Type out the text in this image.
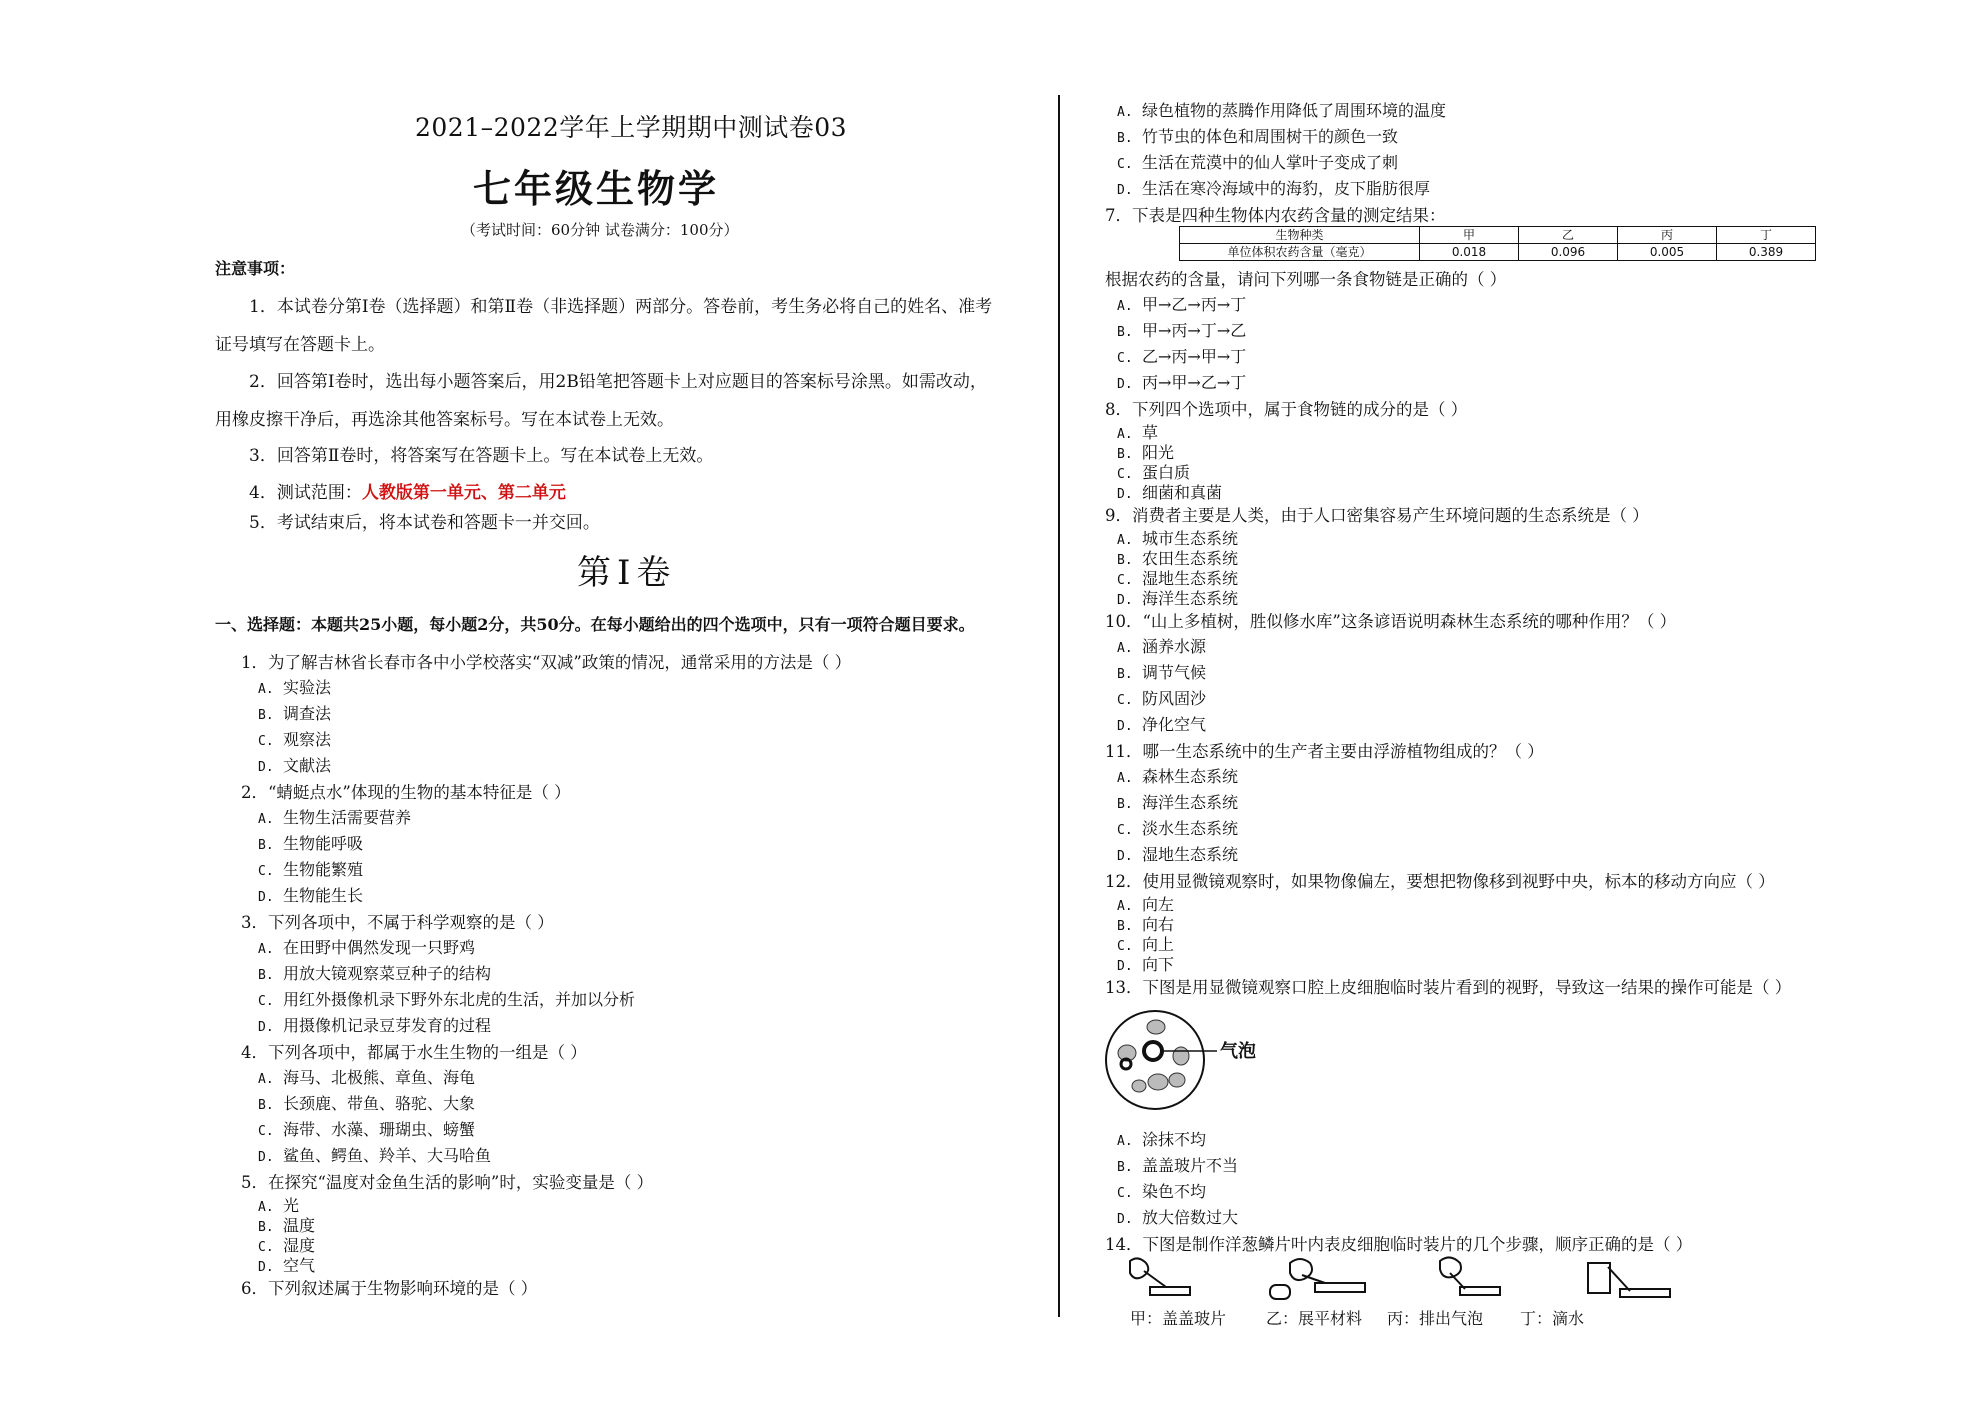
2021–2022学年上学期期中测试卷03
七年级生物学
（考试时间：60分钟 试卷满分：100分）
注意事项：
1．本试卷分第Ⅰ卷（选择题）和第Ⅱ卷（非选择题）两部分。答卷前，考生务必将自己的姓名、准考
证号填写在答题卡上。
2．回答第Ⅰ卷时，选出每小题答案后，用2B铅笔把答题卡上对应题目的答案标号涂黑。如需改动，
用橡皮擦干净后，再选涂其他答案标号。写在本试卷上无效。
3．回答第Ⅱ卷时，将答案写在答题卡上。写在本试卷上无效。
4．测试范围：人教版第一单元、第二单元
5．考试结束后，将本试卷和答题卡一并交回。
第Ⅰ卷
一、选择题：本题共25小题，每小题2分，共50分。在每小题给出的四个选项中，只有一项符合题目要求。
1．为了解吉林省长春市各中小学校落实“双减”政策的情况，通常采用的方法是（ ）
A. 实验法
B. 调查法
C. 观察法
D. 文献法
2．“蜻蜓点水”体现的生物的基本特征是（ ）
A. 生物生活需要营养
B. 生物能呼吸
C. 生物能繁殖
D. 生物能生长
3．下列各项中，不属于科学观察的是（ ）
A. 在田野中偶然发现一只野鸡
B. 用放大镜观察菜豆种子的结构
C. 用红外摄像机录下野外东北虎的生活，并加以分析
D. 用摄像机记录豆芽发育的过程
4．下列各项中，都属于水生生物的一组是（ ）
A. 海马、北极熊、章鱼、海龟
B. 长颈鹿、带鱼、骆驼、大象
C. 海带、水藻、珊瑚虫、螃蟹
D. 鲨鱼、鳄鱼、羚羊、大马哈鱼
5．在探究“温度对金鱼生活的影响”时，实验变量是（ ）
A. 光
B. 温度
C. 湿度
D. 空气
6．下列叙述属于生物影响环境的是（ ）
A. 绿色植物的蒸腾作用降低了周围环境的温度
B. 竹节虫的体色和周围树干的颜色一致
C. 生活在荒漠中的仙人掌叶子变成了刺
D. 生活在寒冷海域中的海豹，皮下脂肪很厚
7．下表是四种生物体内农药含量的测定结果：
生物种类	甲	乙	丙	丁
单位体积农药含量（毫克）	0.018	0.096	0.005	0.389
根据农药的含量，请问下列哪一条食物链是正确的（ ）
A. 甲→乙→丙→丁
B. 甲→丙→丁→乙
C. 乙→丙→甲→丁
D. 丙→甲→乙→丁
8．下列四个选项中，属于食物链的成分的是（ ）
A. 草
B. 阳光
C. 蛋白质
D. 细菌和真菌
9．消费者主要是人类，由于人口密集容易产生环境问题的生态系统是（ ）
A. 城市生态系统
B. 农田生态系统
C. 湿地生态系统
D. 海洋生态系统
10．“山上多植树，胜似修水库”这条谚语说明森林生态系统的哪种作用？（ ）
A. 涵养水源
B. 调节气候
C. 防风固沙
D. 净化空气
11．哪一生态系统中的生产者主要由浮游植物组成的？（ ）
A. 森林生态系统
B. 海洋生态系统
C. 淡水生态系统
D. 湿地生态系统
12．使用显微镜观察时，如果物像偏左，要想把物像移到视野中央，标本的移动方向应（ ）
A. 向左
B. 向右
C. 向上
D. 向下
13．下图是用显微镜观察口腔上皮细胞临时装片看到的视野，导致这一结果的操作可能是（ ）
A. 涂抹不均
B. 盖盖玻片不当
C. 染色不均
D. 放大倍数过大
14．下图是制作洋葱鳞片叶内表皮细胞临时装片的几个步骤，顺序正确的是（ ）
气泡
甲：盖盖玻片 乙：展平材料 丙：排出气泡 丁：滴水
